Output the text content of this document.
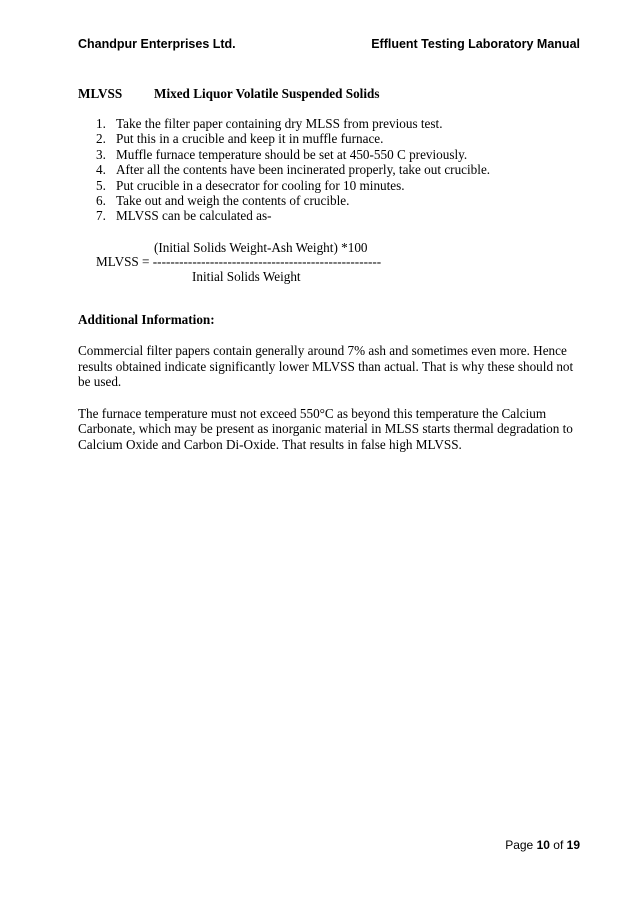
Chandpur Enterprises Ltd.	Effluent Testing Laboratory Manual
MLVSS Mixed Liquor Volatile Suspended Solids
1. Take the filter paper containing dry MLSS from previous test.
2. Put this in a crucible and keep it in muffle furnace.
3. Muffle furnace temperature should be set at 450-550 C previously.
4. After all the contents have been incinerated properly, take out crucible.
5. Put crucible in a desecrator for cooling for 10 minutes.
6. Take out and weigh the contents of crucible.
7. MLVSS can be calculated as-
(Initial Solids Weight-Ash Weight) *100
MLVSS = ----------------------------------------------------
Initial Solids Weight
Additional Information:

Commercial filter papers contain generally around 7% ash and sometimes even more. Hence results obtained indicate significantly lower MLVSS than actual. That is why these should not be used.

The furnace temperature must not exceed 550°C as beyond this temperature the Calcium Carbonate, which may be present as inorganic material in MLSS starts thermal degradation to Calcium Oxide and Carbon Di-Oxide. That results in false high MLVSS.

Page 10 of 19
